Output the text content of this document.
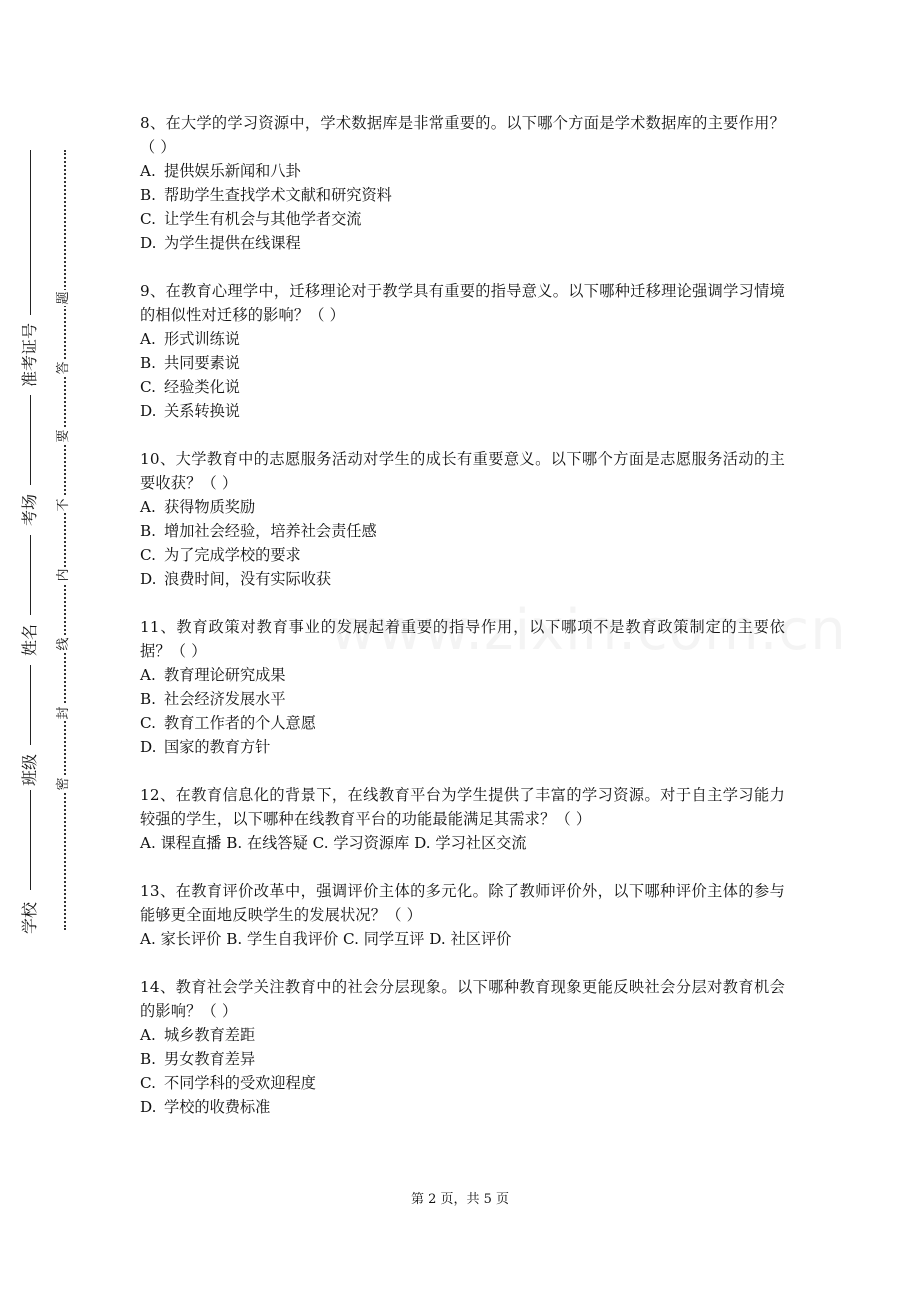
准考证号
考场
姓名
班级
学校
题
答
要
不
内
线
封
密
8、在大学的学习资源中，学术数据库是非常重要的。以下哪个方面是学术数据库的主要作用？（ ）
A. 提供娱乐新闻和八卦
B. 帮助学生查找学术文献和研究资料
C. 让学生有机会与其他学者交流
D. 为学生提供在线课程
9、在教育心理学中，迁移理论对于教学具有重要的指导意义。以下哪种迁移理论强调学习情境的相似性对迁移的影响？（ ）
A. 形式训练说
B. 共同要素说
C. 经验类化说
D. 关系转换说
10、大学教育中的志愿服务活动对学生的成长有重要意义。以下哪个方面是志愿服务活动的主要收获？（ ）
A. 获得物质奖励
B. 增加社会经验，培养社会责任感
C. 为了完成学校的要求
D. 浪费时间，没有实际收获
11、教育政策对教育事业的发展起着重要的指导作用，以下哪项不是教育政策制定的主要依据？（ ）
A. 教育理论研究成果
B. 社会经济发展水平
C. 教育工作者的个人意愿
D. 国家的教育方针
12、在教育信息化的背景下，在线教育平台为学生提供了丰富的学习资源。对于自主学习能力较强的学生，以下哪种在线教育平台的功能最能满足其需求？（ ）
A. 课程直播 B. 在线答疑 C. 学习资源库 D. 学习社区交流
13、在教育评价改革中，强调评价主体的多元化。除了教师评价外，以下哪种评价主体的参与能够更全面地反映学生的发展状况？（ ）
A. 家长评价 B. 学生自我评价 C. 同学互评 D. 社区评价
14、教育社会学关注教育中的社会分层现象。以下哪种教育现象更能反映社会分层对教育机会的影响？（ ）
A. 城乡教育差距
B. 男女教育差异
C. 不同学科的受欢迎程度
D. 学校的收费标准
第 2 页，共 5 页
